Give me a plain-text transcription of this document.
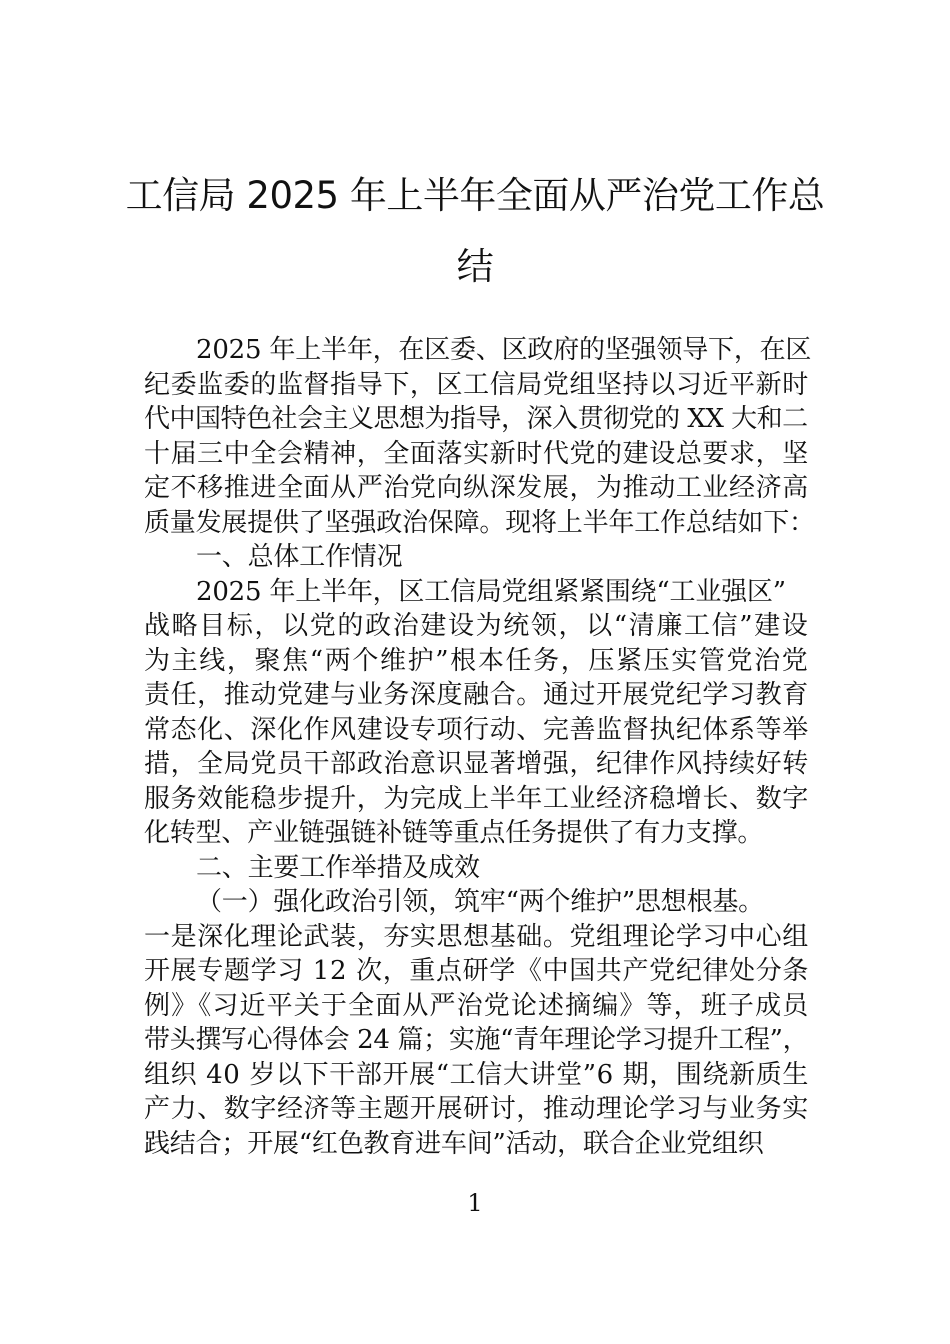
工信局 2025 年上半年全面从严治党工作总
结
2025 年上半年，在区委、区政府的坚强领导下，在区
纪委监委的监督指导下，区工信局党组坚持以习近平新时
代中国特色社会主义思想为指导，深入贯彻党的 XX 大和二
十届三中全会精神，全面落实新时代党的建设总要求，坚
定不移推进全面从严治党向纵深发展，为推动工业经济高
质量发展提供了坚强政治保障。现将上半年工作总结如下：
一、总体工作情况
2025 年上半年，区工信局党组紧紧围绕“工业强区”
战略目标，以党的政治建设为统领，以“清廉工信”建设
为主线，聚焦“两个维护”根本任务，压紧压实管党治党
责任，推动党建与业务深度融合。通过开展党纪学习教育
常态化、深化作风建设专项行动、完善监督执纪体系等举
措，全局党员干部政治意识显著增强，纪律作风持续好转
服务效能稳步提升，为完成上半年工业经济稳增长、数字
化转型、产业链强链补链等重点任务提供了有力支撑。
二、主要工作举措及成效
（一）强化政治引领，筑牢“两个维护”思想根基。
一是深化理论武装，夯实思想基础。党组理论学习中心组
开展专题学习 12 次，重点研学《中国共产党纪律处分条
例》《习近平关于全面从严治党论述摘编》等，班子成员
带头撰写心得体会 24 篇；实施“青年理论学习提升工程”，
组织 40 岁以下干部开展“工信大讲堂”6 期，围绕新质生
产力、数字经济等主题开展研讨，推动理论学习与业务实
践结合；开展“红色教育进车间”活动，联合企业党组织
1
